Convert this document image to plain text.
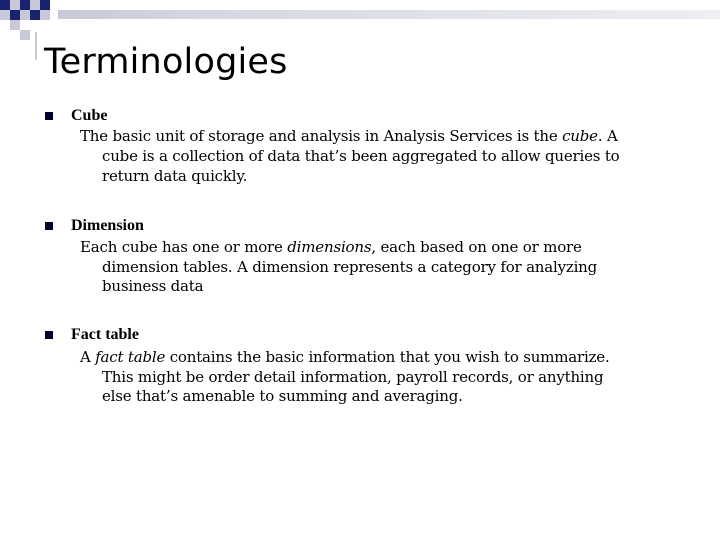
Terminologies
Cube
The basic unit of storage and analysis in Analysis Services is the cube. A
cube is a collection of data that’s been aggregated to allow queries to
return data quickly.
Dimension
Each cube has one or more dimensions, each based on one or more
dimension tables. A dimension represents a category for analyzing
business data
Fact table
A fact table contains the basic information that you wish to summarize.
This might be order detail information, payroll records, or anything
else that’s amenable to summing and averaging.
